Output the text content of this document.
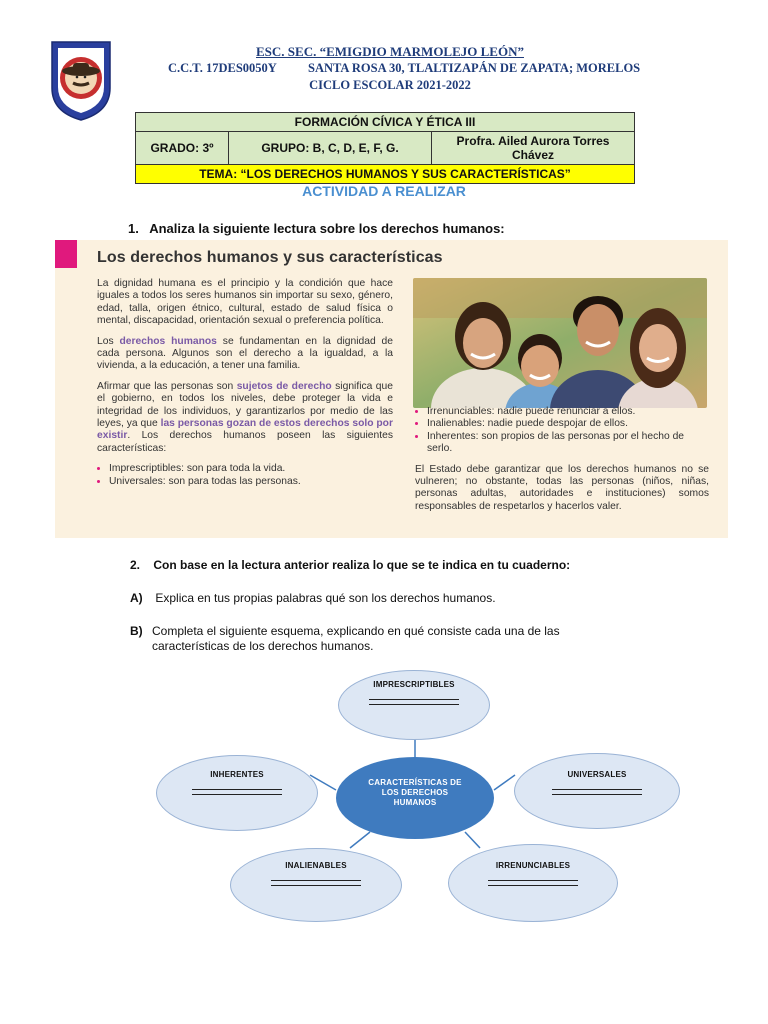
ESC. SEC. “EMIGDIO MARMOLEJO LEÓN”
C.C.T. 17DES0050Y SANTA ROSA 30, TLALTIZAPÁN DE ZAPATA; MORELOS
CICLO ESCOLAR 2021-2022
FORMACIÓN CÍVICA Y ÉTICA III
GRADO: 3º	GRUPO: B, C, D, E, F, G.	Profra. Ailed Aurora Torres Chávez
TEMA: “LOS DERECHOS HUMANOS Y SUS CARACTERÍSTICAS”
ACTIVIDAD A REALIZAR
1. Analiza la siguiente lectura sobre los derechos humanos:
Los derechos humanos y sus características

La dignidad humana es el principio y la condición que hace iguales a todos los seres humanos sin importar su sexo, género, edad, talla, origen étnico, cultural, estado de salud física o mental, discapacidad, orientación sexual o preferencia política.

Los derechos humanos se fundamentan en la dignidad de cada persona. Algunos son el derecho a la igualdad, a la vivienda, a la educación, a tener una familia.

Afirmar que las personas son sujetos de derecho significa que el gobierno, en todos los niveles, debe proteger la vida e integridad de los individuos, y garantizarlos por medio de las leyes, ya que las personas gozan de estos derechos solo por existir. Los derechos humanos poseen las siguientes características:

• Imprescriptibles: son para toda la vida.
• Universales: son para todas las personas.
• Irrenunciables: nadie puede renunciar a ellos.
• Inalienables: nadie puede despojar de ellos.
• Inherentes: son propios de las personas por el hecho de serlo.

El Estado debe garantizar que los derechos humanos no se vulneren; no obstante, todas las personas (niños, niñas, personas adultas, autoridades e instituciones) somos responsables de respetarlos y hacerlos valer.

2. Con base en la lectura anterior realiza lo que se te indica en tu cuaderno:
A) Explica en tus propias palabras qué son los derechos humanos.
B) Completa el siguiente esquema, explicando en qué consiste cada una de las características de los derechos humanos.
IMPRESCRIPTIBLES
INHERENTES
CARACTERÍSTICAS DE LOS DERECHOS HUMANOS
UNIVERSALES
INALIENABLES	IRRENUNCIABLES
